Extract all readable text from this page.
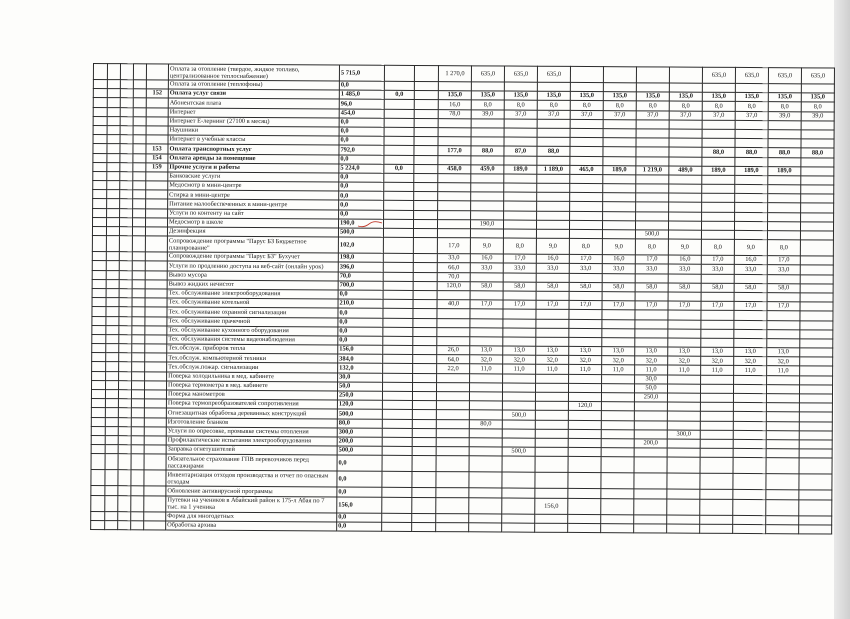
					Оплата за отопление (твердое, жидкое топливо, централизованное теплоснабжение)	5 715,0			1 270,0	635,0	635,0	635,0					635,0	635,0	635,0	635,0
					Оплата за отопление (теплофоны)	0,0														
				152	Оплата услуг связи	1 485,0	0,0		135,0	135,0	135,0	135,0	135,0	135,0	135,0	135,0	135,0	135,0	135,0	135,0
					Абонентская плата	96,0			16,0	8,0	8,0	8,0	8,0	8,0	8,0	8,0	8,0	8,0	8,0	8,0
					Интернет	454,0			78,0	39,0	37,0	37,0	37,0	37,0	37,0	37,0	37,0	37,0	39,0	39,0
					Интернет Е-лернинг (27100 в месяц)	0,0														
					Наушники	0,0														
					Интернет в учебные классы	0,0														
				153	Оплата транспортных услуг	792,0			177,0	88,0	87,0	88,0					88,0	88,0	88,0	88,0
				154	Оплата аренды за помещение	0,0														
				159	Прочие услуги и работы	5 224,0	0,0		458,0	459,0	189,0	1 189,0	465,0	189,0	1 219,0	489,0	189,0	189,0	189,0	
					Банковские услуги	0,0														
					Медосмотр в мини-центре	0,0														
					Стирка в мини-центре	0,0														
					Питание малообеспеченных в мини-центре	0,0														
					Услуги по контенту на сайт	0,0														
					Медосмотр в школе	190,0				190,0										
					Дезинфекция	500,0									500,0					
					Сопровождение программы "Парус БЗ Бюджетное планирование"	102,0			17,0	9,0	8,0	9,0	8,0	9,0	8,0	9,0	8,0	9,0	8,0	
					Сопровождение программы "Парус БЗ" Бухучет	198,0			33,0	16,0	17,0	16,0	17,0	16,0	17,0	16,0	17,0	16,0	17,0	
					Услуги по продлению доступа на веб-сайт (онлайн урок)	396,0			66,0	33,0	33,0	33,0	33,0	33,0	33,0	33,0	33,0	33,0	33,0	
					Вывоз мусора	70,0			70,0											
					Вывоз жидких нечистот	700,0			120,0	58,0	58,0	58,0	58,0	58,0	58,0	58,0	58,0	58,0	58,0	
					Тех. обслуживание электрооборудования	0,0														
					Тех. обслуживание котельной	210,0			40,0	17,0	17,0	17,0	17,0	17,0	17,0	17,0	17,0	17,0	17,0	
					Тех. обслуживание охранной сигнализации	0,0														
					Тех. обслуживание прачечной	0,0														
					Тех. обслуживание кухонного оборудования	0,0														
					Тех. обслуживания системы видеонаблюдения	0,0														
					Тех.обслуж. приборов тепла	156,0			26,0	13,0	13,0	13,0	13,0	13,0	13,0	13,0	13,0	13,0	13,0	
					Тех.обслуж. компьютерной техники	384,0			64,0	32,0	32,0	32,0	32,0	32,0	32,0	32,0	32,0	32,0	32,0	
					Тех.обслуж.пожар. сигнализации	132,0			22,0	11,0	11,0	11,0	11,0	11,0	11,0	11,0	11,0	11,0	11,0	
					Поверка холодильника в мед. кабинете	30,0									30,0					
					Поверка термометра в мед. кабинете	50,0									50,0					
					Поверка манометров	250,0									250,0					
					Поверка термопреобразователей сопротивления	120,0							120,0							
					Огнезащитная обработка деревянных конструкций	500,0					500,0									
					Изготовление бланков	80,0				80,0										
					Услуги по опресовке, промывке системы отопления	300,0										300,0				
					Профилактические испытания электрооборудования	200,0									200,0					
					Заправка огнетушителей	500,0					500,0									
					Обязательное страхование ГПВ перевозчиков перед пассажирами	0,0														
					Инвентаризация отходов производства и отчет по опасным отходам	0,0														
					Обновление антивирусной программы	0,0														
					Путевки на учеников в Абайский район к 175-л Абая по 7 тыс. на 1 ученика	156,0						156,0								
					Форма для многодетных	0,0														
					Обработка архива	0,0														
